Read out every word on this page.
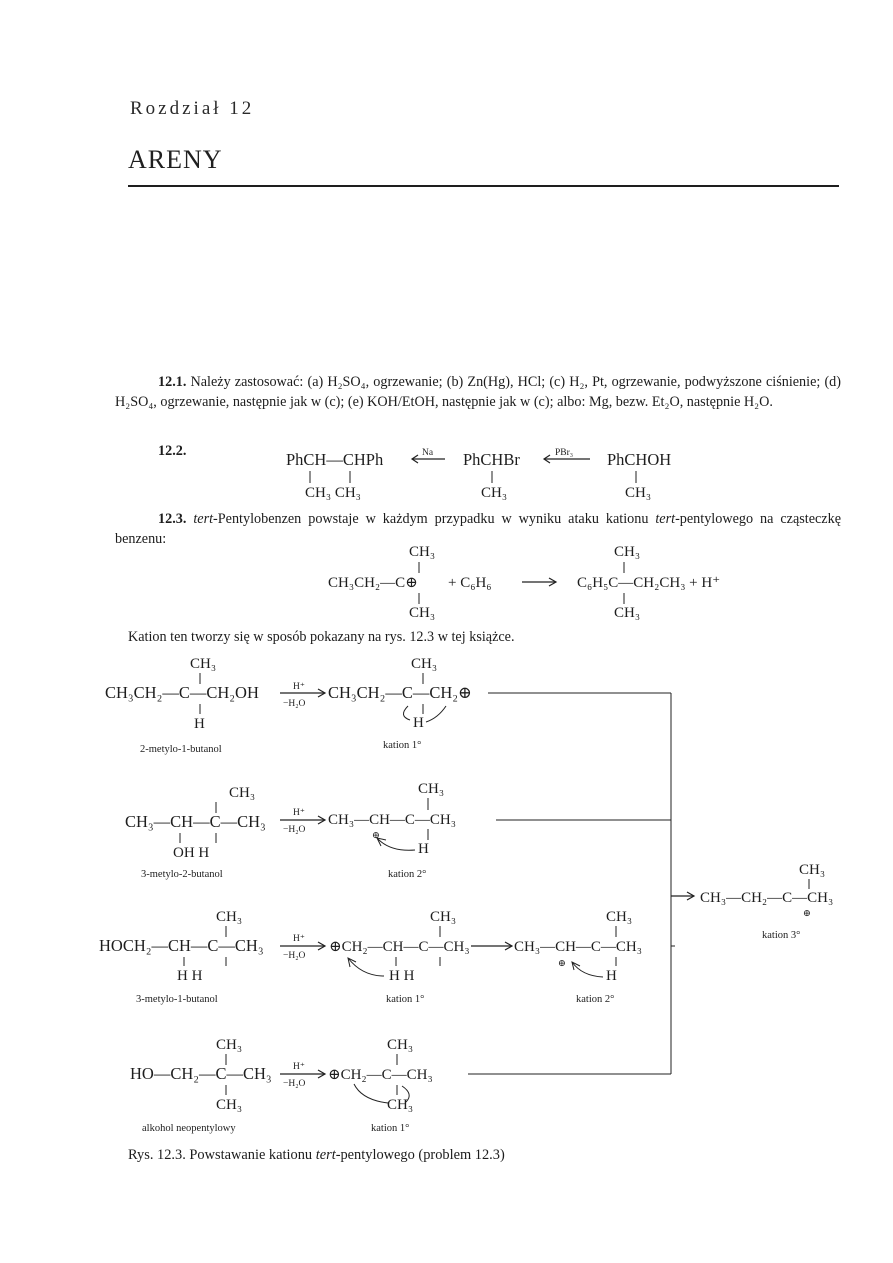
Rozdział 12
ARENY
12.1. Należy zastosować: (a) H₂SO₄, ogrzewanie; (b) Zn(Hg), HCl; (c) H₂, Pt, ogrzewanie, podwyższone ciśnienie; (d) H₂SO₄, ogrzewanie, następnie jak w (c); (e) KOH/EtOH, następnie jak w (c); albo: Mg, bezw. Et₂O, następnie H₂O.
12.2.
12.3. tert-Pentylobenzen powstaje w każdym przypadku w wyniku ataku kationu tert-pentylowego na cząsteczkę benzenu:
Kation ten tworzy się w sposób pokazany na rys. 12.3 w tej książce.
PhCH—CHPh
CH₃ CH₃
Na PhCHBr
CH₃
PBr₃ PhCHOH
CH₃
CH₃
CH₃CH₂—C⊕
CH₃
+ C₆H₆
CH₃
C₆H₅C—CH₂CH₃ + H⁺
CH₃
CH₃
CH₃CH₂—C—CH₂OH
H
2-metylo-1-butanol
H⁺
−H₂O
CH₃
CH₃CH₂—C—CH₂⊕
H
kation 1°
CH₃
CH₃—CH—C—CH₃
OH H
3-metylo-2-butanol
H⁺
−H₂O
CH₃
CH₃—CH—C—CH₃
⊕
H
kation 2°
CH₃
HOCH₂—CH—C—CH₃
H H
3-metylo-1-butanol
H⁺
−H₂O
CH₃
⊕CH₂—CH—C—CH₃
H H
kation 1°
CH₃
CH₃—CH—C—CH₃
⊕
H
kation 2°
CH₃
HO—CH₂—C—CH₃
CH₃
alkohol neopentylowy
H⁺
−H₂O
CH₃
⊕CH₂—C—CH₃
CH₃
kation 1°
CH₃
CH₃—CH₂—C—CH₃
⊕
kation 3°
Rys. 12.3. Powstawanie kationu tert-pentylowego (problem 12.3)
